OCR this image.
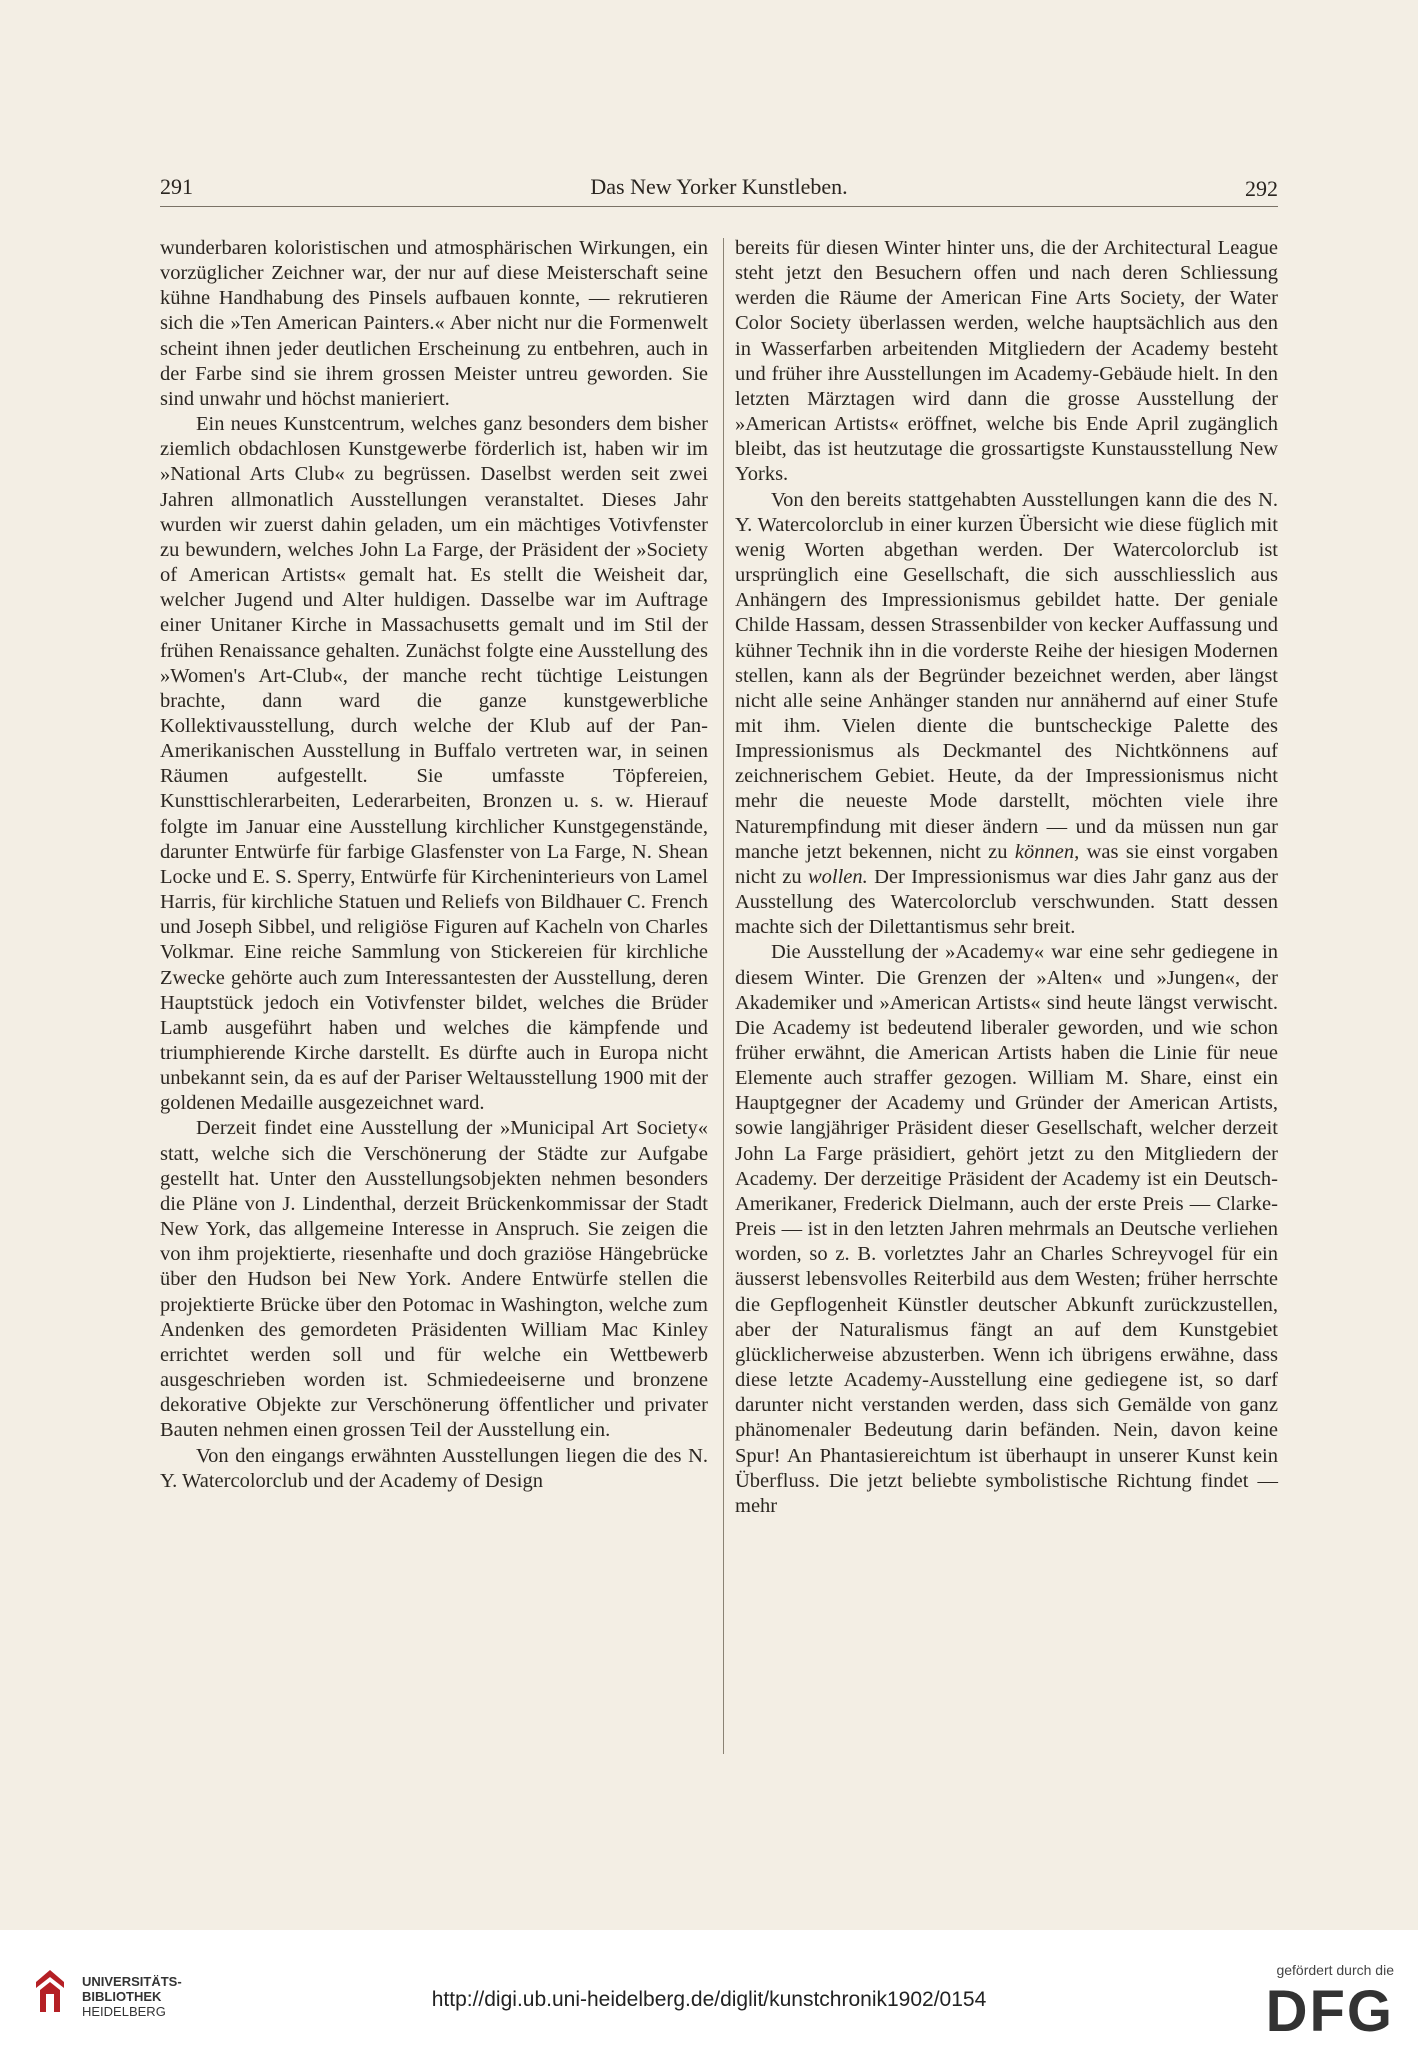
291	Das New Yorker Kunstleben.	292

wunderbaren koloristischen und atmosphärischen Wirkungen, ein vorzüglicher Zeichner war, der nur auf diese Meisterschaft seine kühne Handhabung des Pinsels aufbauen konnte, — rekrutieren sich die »Ten American Painters.« Aber nicht nur die Formenwelt scheint ihnen jeder deutlichen Erscheinung zu entbehren, auch in der Farbe sind sie ihrem grossen Meister untreu geworden. Sie sind unwahr und höchst manieriert.

Ein neues Kunstcentrum, welches ganz besonders dem bisher ziemlich obdachlosen Kunstgewerbe förderlich ist, haben wir im »National Arts Club« zu begrüssen. Daselbst werden seit zwei Jahren allmonatlich Ausstellungen veranstaltet. Dieses Jahr wurden wir zuerst dahin geladen, um ein mächtiges Votivfenster zu bewundern, welches John La Farge, der Präsident der »Society of American Artists« gemalt hat. Es stellt die Weisheit dar, welcher Jugend und Alter huldigen. Dasselbe war im Auftrage einer Unitaner Kirche in Massachusetts gemalt und im Stil der frühen Renaissance gehalten. Zunächst folgte eine Ausstellung des »Women's Art-Club«, der manche recht tüchtige Leistungen brachte, dann ward die ganze kunstgewerbliche Kollektivausstellung, durch welche der Klub auf der Pan-Amerikanischen Ausstellung in Buffalo vertreten war, in seinen Räumen aufgestellt. Sie umfasste Töpfereien, Kunsttischlerarbeiten, Lederarbeiten, Bronzen u. s. w. Hierauf folgte im Januar eine Ausstellung kirchlicher Kunstgegenstände, darunter Entwürfe für farbige Glasfenster von La Farge, N. Shean Locke und E. S. Sperry, Entwürfe für Kircheninterieurs von Lamel Harris, für kirchliche Statuen und Reliefs von Bildhauer C. French und Joseph Sibbel, und religiöse Figuren auf Kacheln von Charles Volkmar. Eine reiche Sammlung von Stickereien für kirchliche Zwecke gehörte auch zum Interessantesten der Ausstellung, deren Hauptstück jedoch ein Votivfenster bildet, welches die Brüder Lamb ausgeführt haben und welches die kämpfende und triumphierende Kirche darstellt. Es dürfte auch in Europa nicht unbekannt sein, da es auf der Pariser Weltausstellung 1900 mit der goldenen Medaille ausgezeichnet ward.

Derzeit findet eine Ausstellung der »Municipal Art Society« statt, welche sich die Verschönerung der Städte zur Aufgabe gestellt hat. Unter den Ausstellungsobjekten nehmen besonders die Pläne von J. Lindenthal, derzeit Brückenkommissar der Stadt New York, das allgemeine Interesse in Anspruch. Sie zeigen die von ihm projektierte, riesenhafte und doch graziöse Hängebrücke über den Hudson bei New York. Andere Entwürfe stellen die projektierte Brücke über den Potomac in Washington, welche zum Andenken des gemordeten Präsidenten William Mac Kinley errichtet werden soll und für welche ein Wettbewerb ausgeschrieben worden ist. Schmiedeeiserne und bronzene dekorative Objekte zur Verschönerung öffentlicher und privater Bauten nehmen einen grossen Teil der Ausstellung ein.

Von den eingangs erwähnten Ausstellungen liegen die des N. Y. Watercolorclub und der Academy of Design

bereits für diesen Winter hinter uns, die der Architectural League steht jetzt den Besuchern offen und nach deren Schliessung werden die Räume der American Fine Arts Society, der Water Color Society überlassen werden, welche hauptsächlich aus den in Wasserfarben arbeitenden Mitgliedern der Academy besteht und früher ihre Ausstellungen im Academy-Gebäude hielt. In den letzten Märztagen wird dann die grosse Ausstellung der »American Artists« eröffnet, welche bis Ende April zugänglich bleibt, das ist heutzutage die grossartigste Kunstausstellung New Yorks.

Von den bereits stattgehabten Ausstellungen kann die des N. Y. Watercolorclub in einer kurzen Übersicht wie diese füglich mit wenig Worten abgethan werden. Der Watercolorclub ist ursprünglich eine Gesellschaft, die sich ausschliesslich aus Anhängern des Impressionismus gebildet hatte. Der geniale Childe Hassam, dessen Strassenbilder von kecker Auffassung und kühner Technik ihn in die vorderste Reihe der hiesigen Modernen stellen, kann als der Begründer bezeichnet werden, aber längst nicht alle seine Anhänger standen nur annähernd auf einer Stufe mit ihm. Vielen diente die buntscheckige Palette des Impressionismus als Deckmantel des Nichtkönnens auf zeichnerischem Gebiet. Heute, da der Impressionismus nicht mehr die neueste Mode darstellt, möchten viele ihre Naturempfindung mit dieser ändern — und da müssen nun gar manche jetzt bekennen, nicht zu können, was sie einst vorgaben nicht zu wollen. Der Impressionismus war dies Jahr ganz aus der Ausstellung des Watercolorclub verschwunden. Statt dessen machte sich der Dilettantismus sehr breit.

Die Ausstellung der »Academy« war eine sehr gediegene in diesem Winter. Die Grenzen der »Alten« und »Jungen«, der Akademiker und »American Artists« sind heute längst verwischt. Die Academy ist bedeutend liberaler geworden, und wie schon früher erwähnt, die American Artists haben die Linie für neue Elemente auch straffer gezogen. William M. Share, einst ein Hauptgegner der Academy und Gründer der American Artists, sowie langjähriger Präsident dieser Gesellschaft, welcher derzeit John La Farge präsidiert, gehört jetzt zu den Mitgliedern der Academy. Der derzeitige Präsident der Academy ist ein Deutsch-Amerikaner, Frederick Dielmann, auch der erste Preis — Clarke-Preis — ist in den letzten Jahren mehrmals an Deutsche verliehen worden, so z. B. vorletztes Jahr an Charles Schreyvogel für ein äusserst lebensvolles Reiterbild aus dem Westen; früher herrschte die Gepflogenheit Künstler deutscher Abkunft zurückzustellen, aber der Naturalismus fängt an auf dem Kunstgebiet glücklicherweise abzusterben. Wenn ich übrigens erwähne, dass diese letzte Academy-Ausstellung eine gediegene ist, so darf darunter nicht verstanden werden, dass sich Gemälde von ganz phänomenaler Bedeutung darin befänden. Nein, davon keine Spur! An Phantasiereichtum ist überhaupt in unserer Kunst kein Überfluss. Die jetzt beliebte symbolistische Richtung findet — mehr

UNIVERSITÄTS-
BIBLIOTHEK
HEIDELBERG
http://digi.ub.uni-heidelberg.de/diglit/kunstchronik1902/0154
gefördert durch die
DFG
